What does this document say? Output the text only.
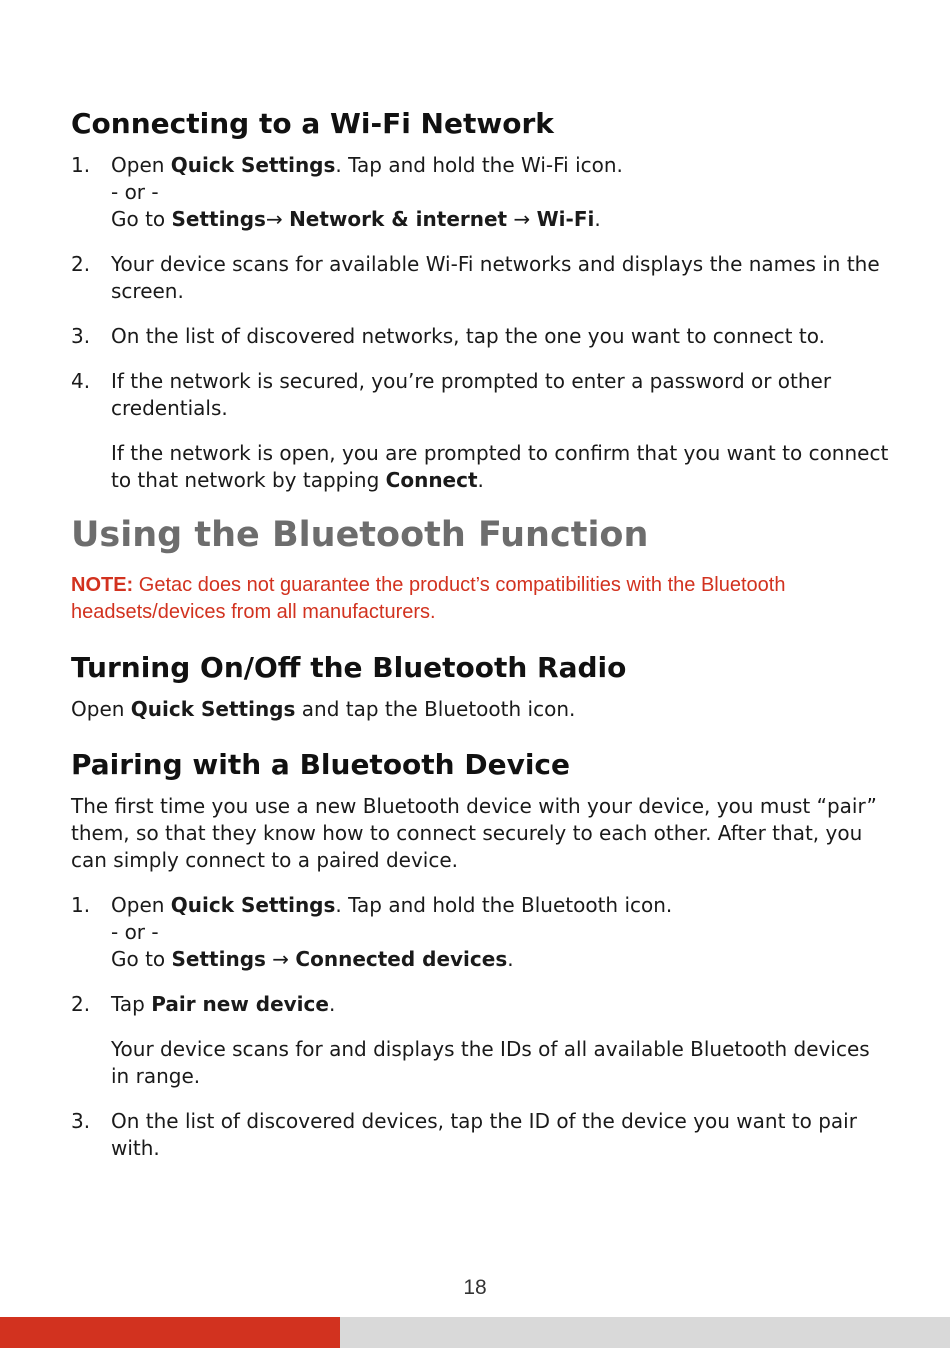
Connecting to a Wi-Fi Network
1. Open Quick Settings. Tap and hold the Wi-Fi icon.
- or -
Go to Settings→ Network & internet → Wi-Fi.
2. Your device scans for available Wi-Fi networks and displays the names in the screen.
3. On the list of discovered networks, tap the one you want to connect to.
4. If the network is secured, you’re prompted to enter a password or other credentials.
If the network is open, you are prompted to confirm that you want to connect to that network by tapping Connect.
Using the Bluetooth Function

NOTE: Getac does not guarantee the product’s compatibilities with the Bluetooth headsets/devices from all manufacturers.

Turning On/Off the Bluetooth Radio

Open Quick Settings and tap the Bluetooth icon.

Pairing with a Bluetooth Device

The first time you use a new Bluetooth device with your device, you must “pair” them, so that they know how to connect securely to each other. After that, you can simply connect to a paired device.

1. Open Quick Settings. Tap and hold the Bluetooth icon.
- or -
Go to Settings → Connected devices.
2. Tap Pair new device.
Your device scans for and displays the IDs of all available Bluetooth devices in range.
3. On the list of discovered devices, tap the ID of the device you want to pair with.
18
